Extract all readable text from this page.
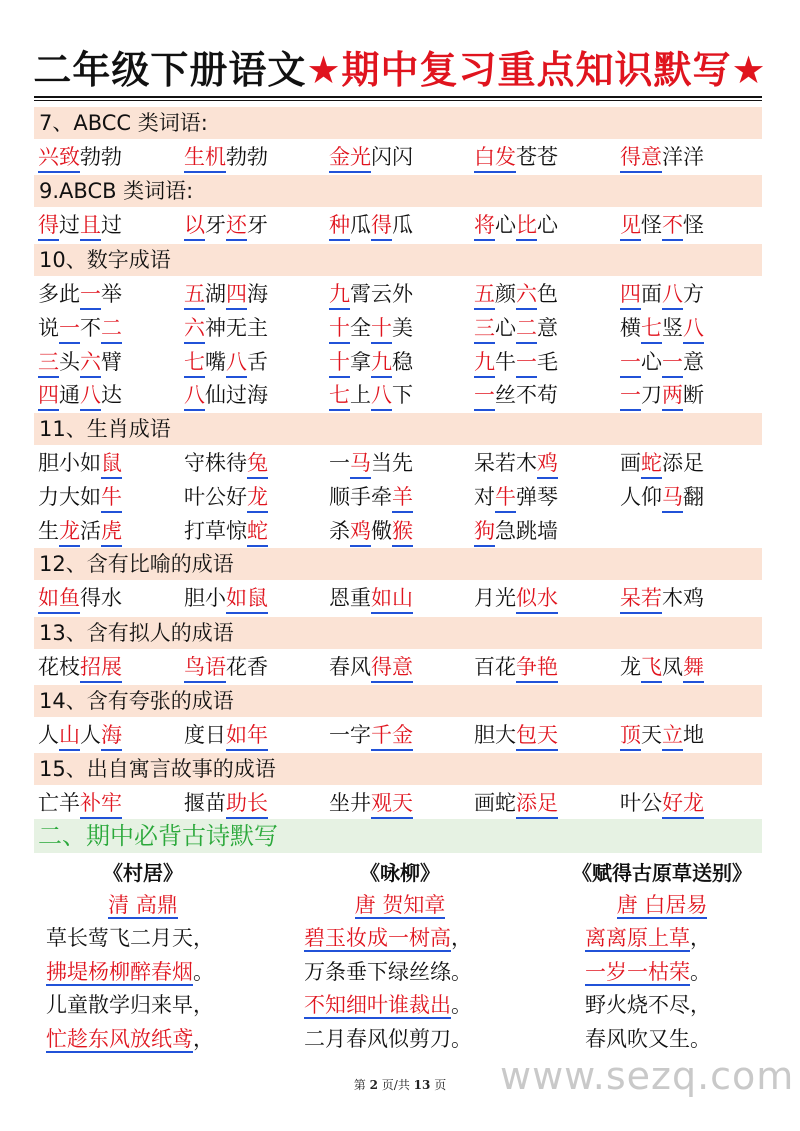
二年级下册语文★期中复习重点知识默写★
7、ABCC 类词语:
兴致勃勃	生机勃勃	金光闪闪	白发苍苍	得意洋洋
9.ABCB 类词语:
得过且过	以牙还牙	种瓜得瓜	将心比心	见怪不怪
10、数字成语
多此一举	五湖四海	九霄云外	五颜六色	四面八方
说一不二	六神无主	十全十美	三心二意	横七竖八
三头六臂	七嘴八舌	十拿九稳	九牛一毛	一心一意
四通八达	八仙过海	七上八下	一丝不苟	一刀两断
11、生肖成语
胆小如鼠	守株待兔	一马当先	呆若木鸡	画蛇添足
力大如牛	叶公好龙	顺手牵羊	对牛弹琴	人仰马翻
生龙活虎	打草惊蛇	杀鸡儆猴	狗急跳墙
12、含有比喻的成语
如鱼得水	胆小如鼠	恩重如山	月光似水	呆若木鸡
13、含有拟人的成语
花枝招展	鸟语花香	春风得意	百花争艳	龙飞凤舞
14、含有夸张的成语
人山人海	度日如年	一字千金	胆大包天	顶天立地
15、出自寓言故事的成语
亡羊补牢	揠苗助长	坐井观天	画蛇添足	叶公好龙
二、期中必背古诗默写
《村居》
清 高鼎
草长莺飞二月天，
拂堤杨柳醉春烟。
儿童散学归来早，
忙趁东风放纸鸢，
《咏柳》
唐 贺知章
碧玉妆成一树高，
万条垂下绿丝绦。
不知细叶谁裁出。
二月春风似剪刀。
《赋得古原草送别》
唐 白居易
离离原上草，
一岁一枯荣。
野火烧不尽，
春风吹又生。
第 2 页/共 13 页	www.sezq.com
